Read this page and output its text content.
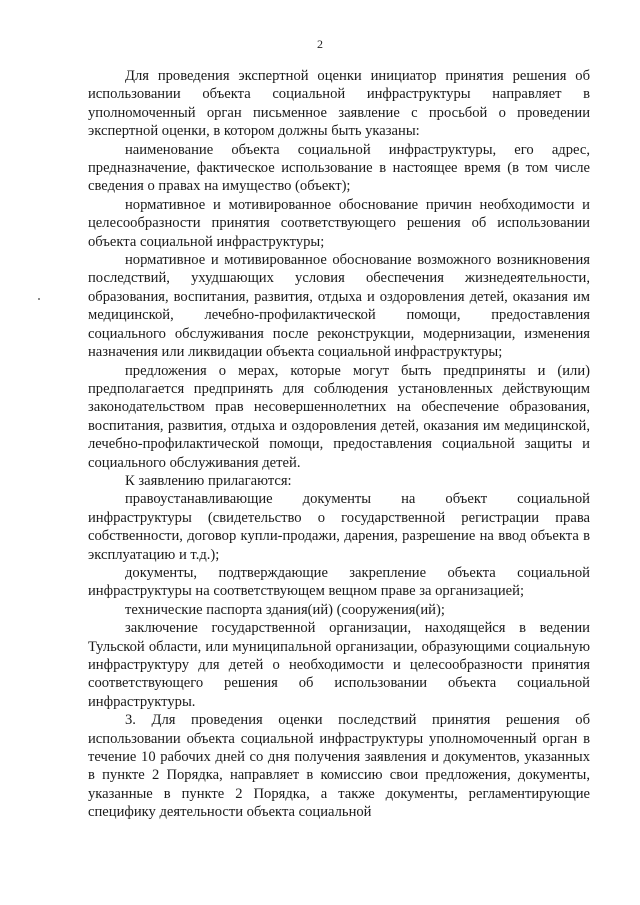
2

Для проведения экспертной оценки инициатор принятия решения об использовании объекта социальной инфраструктуры направляет в уполномоченный орган письменное заявление с просьбой о проведении экспертной оценки, в котором должны быть указаны:

наименование объекта социальной инфраструктуры, его адрес, предназначение, фактическое использование в настоящее время (в том числе сведения о правах на имущество (объект);

нормативное и мотивированное обоснование причин необходимости и целесообразности принятия соответствующего решения об использовании объекта социальной инфраструктуры;

нормативное и мотивированное обоснование возможного возникновения последствий, ухудшающих условия обеспечения жизнедеятельности, образования, воспитания, развития, отдыха и оздоровления детей, оказания им медицинской, лечебно-профилактической помощи, предоставления социального обслуживания после реконструкции, модернизации, изменения назначения или ликвидации объекта социальной инфраструктуры;

предложения о мерах, которые могут быть предприняты и (или) предполагается предпринять для соблюдения установленных действующим законодательством прав несовершеннолетних на обеспечение образования, воспитания, развития, отдыха и оздоровления детей, оказания им медицинской, лечебно-профилактической помощи, предоставления социальной защиты и социального обслуживания детей.

К заявлению прилагаются:

правоустанавливающие документы на объект социальной инфраструктуры (свидетельство о государственной регистрации права собственности, договор купли-продажи, дарения, разрешение на ввод объекта в эксплуатацию и т.д.);

документы, подтверждающие закрепление объекта социальной инфраструктуры на соответствующем вещном праве за организацией;

технические паспорта здания(ий) (сооружения(ий);

заключение государственной организации, находящейся в ведении Тульской области, или муниципальной организации, образующими социальную инфраструктуру для детей о необходимости и целесообразности принятия соответствующего решения об использовании объекта социальной инфраструктуры.

3. Для проведения оценки последствий принятия решения об использовании объекта социальной инфраструктуры уполномоченный орган в течение 10 рабочих дней со дня получения заявления и документов, указанных в пункте 2 Порядка, направляет в комиссию свои предложения, документы, указанные в пункте 2 Порядка, а также документы, регламентирующие специфику деятельности объекта социальной
